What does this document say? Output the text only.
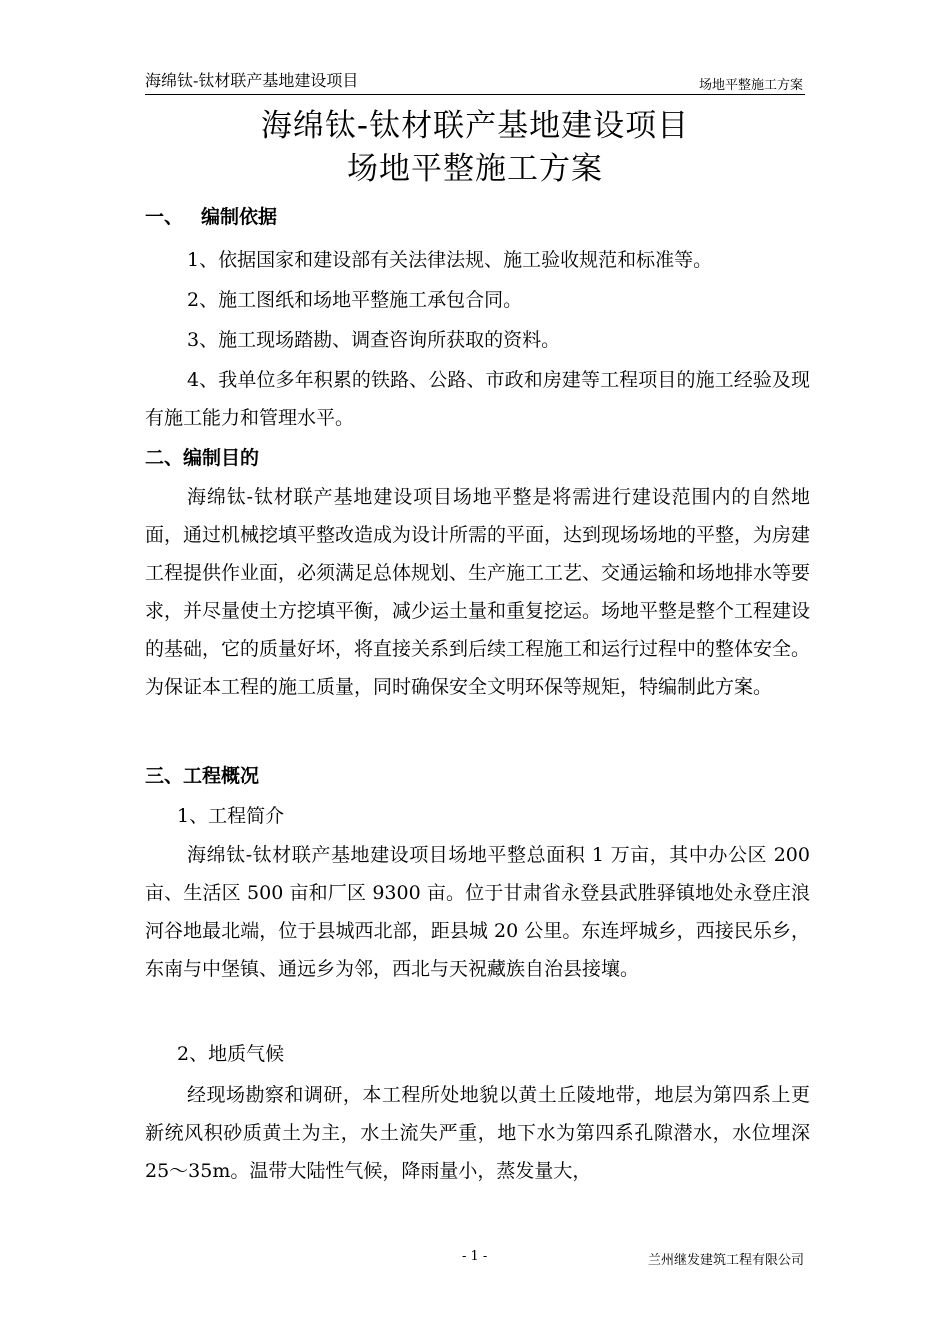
海绵钛-钛材联产基地建设项目	场地平整施工方案
海绵钛-钛材联产基地建设项目
场地平整施工方案
一、 编制依据
1、依据国家和建设部有关法律法规、施工验收规范和标准等。
2、施工图纸和场地平整施工承包合同。
3、施工现场踏勘、调查咨询所获取的资料。

4、我单位多年积累的铁路、公路、市政和房建等工程项目的施工经验及现有施工能力和管理水平。

二、编制目的

海绵钛-钛材联产基地建设项目场地平整是将需进行建设范围内的自然地面，通过机械挖填平整改造成为设计所需的平面，达到现场场地的平整，为房建工程提供作业面，必须满足总体规划、生产施工工艺、交通运输和场地排水等要求，并尽量使土方挖填平衡，减少运土量和重复挖运。场地平整是整个工程建设的基础，它的质量好坏，将直接关系到后续工程施工和运行过程中的整体安全。为保证本工程的施工质量，同时确保安全文明环保等规矩，特编制此方案。

三、工程概况
1、工程简介

海绵钛-钛材联产基地建设项目场地平整总面积 1 万亩，其中办公区 200 亩、生活区 500 亩和厂区 9300 亩。位于甘肃省永登县武胜驿镇地处永登庄浪河谷地最北端，位于县城西北部，距县城 20 公里。东连坪城乡，西接民乐乡，东南与中堡镇、通远乡为邻，西北与天祝藏族自治县接壤。

2、地质气候

经现场勘察和调研，本工程所处地貌以黄土丘陵地带，地层为第四系上更新统风积砂质黄土为主，水土流失严重，地下水为第四系孔隙潜水，水位埋深 25～35m。温带大陆性气候，降雨量小，蒸发量大，

- 1 -	兰州继发建筑工程有限公司
